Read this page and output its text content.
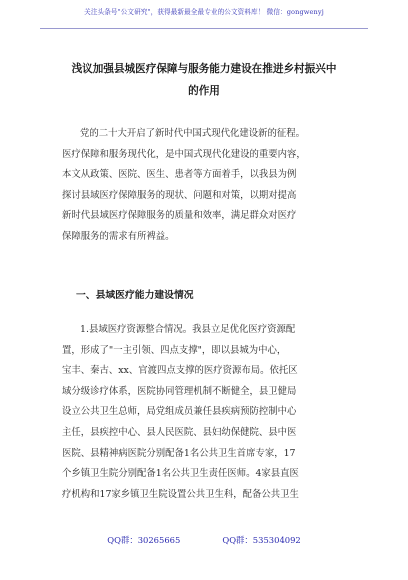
关注头条号"公文研究"，获得最新最全最专业的公文资料库！ 微信：gongwenyj
浅议加强县城医疗保障与服务能力建设在推进乡村振兴中
的作用
党的二十大开启了新时代中国式现代化建设新的征程。
医疗保障和服务现代化，是中国式现代化建设的重要内容，
本文从政策、医院、医生、患者等方面着手，以我县为例
探讨县域医疗保障服务的现状、问题和对策，以期对提高
新时代县域医疗保障服务的质量和效率，满足群众对医疗
保障服务的需求有所裨益。
一、县域医疗能力建设情况
1.县域医疗资源整合情况。我县立足优化医疗资源配
置，形成了"一主引领、四点支撑"，即以县城为中心，
宝丰、秦古、xx、官渡四点支撑的医疗资源布局。依托区
域分级诊疗体系，医院协同管理机制不断健全，县卫健局
设立公共卫生总师，局党组成员兼任县疾病预防控制中心
主任，县疾控中心、县人民医院、县妇幼保健院、县中医
医院、县精神病医院分别配备1名公共卫生首席专家，17
个乡镇卫生院分别配备1名公共卫生责任医师。4家县直医
疗机构和17家乡镇卫生院设置公共卫生科，配备公共卫生
QQ群：30265665	QQ群：535304092
